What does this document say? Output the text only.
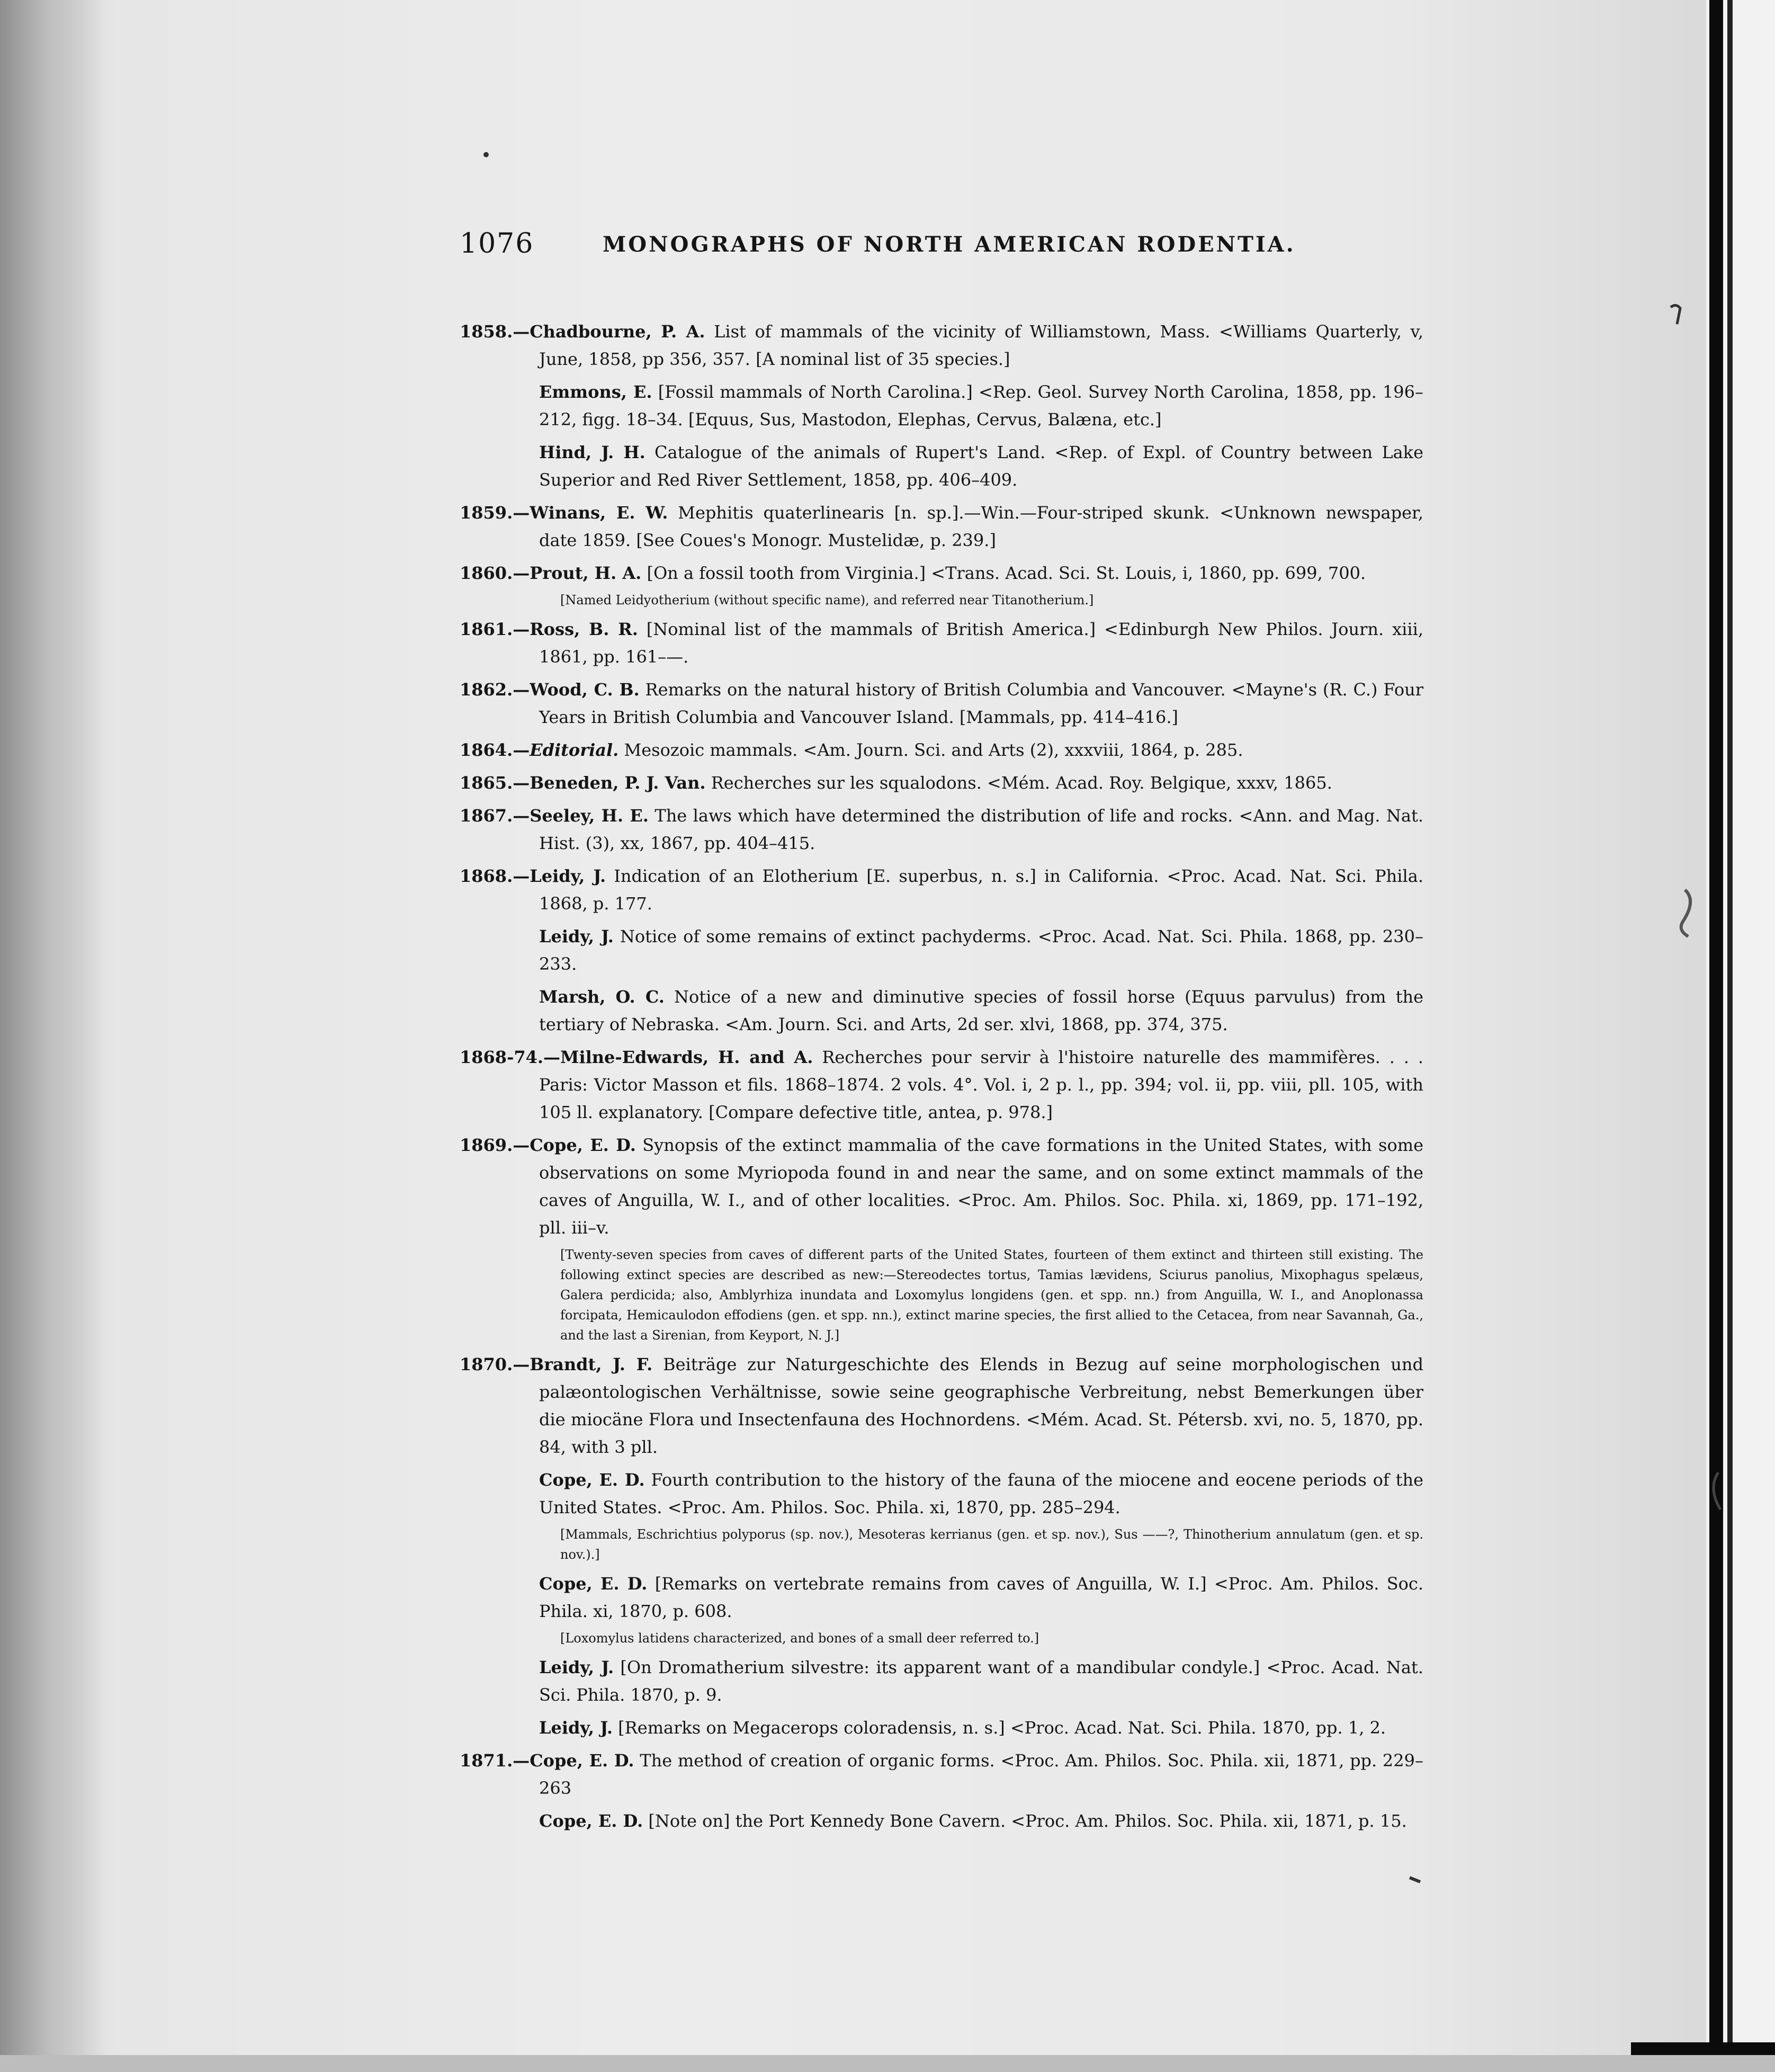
1076	MONOGRAPHS OF NORTH AMERICAN RODENTIA.
1858.—Chadbourne, P. A. List of mammals of the vicinity of Williamstown, Mass. <Williams Quarterly, v, June, 1858, pp 356, 357. [A nominal list of 35 species.]
Emmons, E. [Fossil mammals of North Carolina.] <Rep. Geol. Survey North Carolina, 1858, pp. 196–212, figg. 18–34. [Equus, Sus, Mastodon, Elephas, Cervus, Balæna, etc.]
Hind, J. H. Catalogue of the animals of Rupert's Land. <Rep. of Expl. of Country between Lake Superior and Red River Settlement, 1858, pp. 406–409.
1859.—Winans, E. W. Mephitis quaterlinearis [n. sp.].—Win.—Four-striped skunk. <Unknown newspaper, date 1859. [See Coues's Monogr. Mustelidæ, p. 239.]
1860.—Prout, H. A. [On a fossil tooth from Virginia.] <Trans. Acad. Sci. St. Louis, i, 1860, pp. 699, 700.
[Named Leidyotherium (without specific name), and referred near Titanotherium.]
1861.—Ross, B. R. [Nominal list of the mammals of British America.] <Edinburgh New Philos. Journ. xiii, 1861, pp. 161–—.
1862.—Wood, C. B. Remarks on the natural history of British Columbia and Vancouver. <Mayne's (R. C.) Four Years in British Columbia and Vancouver Island. [Mammals, pp. 414–416.]
1864.—Editorial. Mesozoic mammals. <Am. Journ. Sci. and Arts (2), xxxviii, 1864, p. 285.
1865.—Beneden, P. J. Van. Recherches sur les squalodons. <Mém. Acad. Roy. Belgique, xxxv, 1865.
1867.—Seeley, H. E. The laws which have determined the distribution of life and rocks. <Ann. and Mag. Nat. Hist. (3), xx, 1867, pp. 404–415.
1868.—Leidy, J. Indication of an Elotherium [E. superbus, n. s.] in California. <Proc. Acad. Nat. Sci. Phila. 1868, p. 177.
Leidy, J. Notice of some remains of extinct pachyderms. <Proc. Acad. Nat. Sci. Phila. 1868, pp. 230–233.
Marsh, O. C. Notice of a new and diminutive species of fossil horse (Equus parvulus) from the tertiary of Nebraska. <Am. Journ. Sci. and Arts, 2d ser. xlvi, 1868, pp. 374, 375.
1868-74.—Milne-Edwards, H. and A. Recherches pour servir à l'histoire naturelle des mammifères. . . . Paris: Victor Masson et fils. 1868–1874. 2 vols. 4°. Vol. i, 2 p. l., pp. 394; vol. ii, pp. viii, pll. 105, with 105 ll. explanatory. [Compare defective title, antea, p. 978.]
1869.—Cope, E. D. Synopsis of the extinct mammalia of the cave formations in the United States, with some observations on some Myriopoda found in and near the same, and on some extinct mammals of the caves of Anguilla, W. I., and of other localities. <Proc. Am. Philos. Soc. Phila. xi, 1869, pp. 171–192, pll. iii–v.
[Twenty-seven species from caves of different parts of the United States, fourteen of them extinct and thirteen still existing. The following extinct species are described as new:—Stereodectes tortus, Tamias lævidens, Sciurus panolius, Mixophagus spelæus, Galera perdicida; also, Amblyrhiza inundata and Loxomylus longidens (gen. et spp. nn.) from Anguilla, W. I., and Anoplonassa forcipata, Hemicaulodon effodiens (gen. et spp. nn.), extinct marine species, the first allied to the Cetacea, from near Savannah, Ga., and the last a Sirenian, from Keyport, N. J.]
1870.—Brandt, J. F. Beiträge zur Naturgeschichte des Elends in Bezug auf seine morphologischen und palæontologischen Verhältnisse, sowie seine geographische Verbreitung, nebst Bemerkungen über die miocäne Flora und Insectenfauna des Hochnordens. <Mém. Acad. St. Pétersb. xvi, no. 5, 1870, pp. 84, with 3 pll.
Cope, E. D. Fourth contribution to the history of the fauna of the miocene and eocene periods of the United States. <Proc. Am. Philos. Soc. Phila. xi, 1870, pp. 285–294.
[Mammals, Eschrichtius polyporus (sp. nov.), Mesoteras kerrianus (gen. et sp. nov.), Sus ——?, Thinotherium annulatum (gen. et sp. nov.).]
Cope, E. D. [Remarks on vertebrate remains from caves of Anguilla, W. I.] <Proc. Am. Philos. Soc. Phila. xi, 1870, p. 608.
[Loxomylus latidens characterized, and bones of a small deer referred to.]
Leidy, J. [On Dromatherium silvestre: its apparent want of a mandibular condyle.] <Proc. Acad. Nat. Sci. Phila. 1870, p. 9.
Leidy, J. [Remarks on Megacerops coloradensis, n. s.] <Proc. Acad. Nat. Sci. Phila. 1870, pp. 1, 2.
1871.—Cope, E. D. The method of creation of organic forms. <Proc. Am. Philos. Soc. Phila. xii, 1871, pp. 229–263
Cope, E. D. [Note on] the Port Kennedy Bone Cavern. <Proc. Am. Philos. Soc. Phila. xii, 1871, p. 15.
